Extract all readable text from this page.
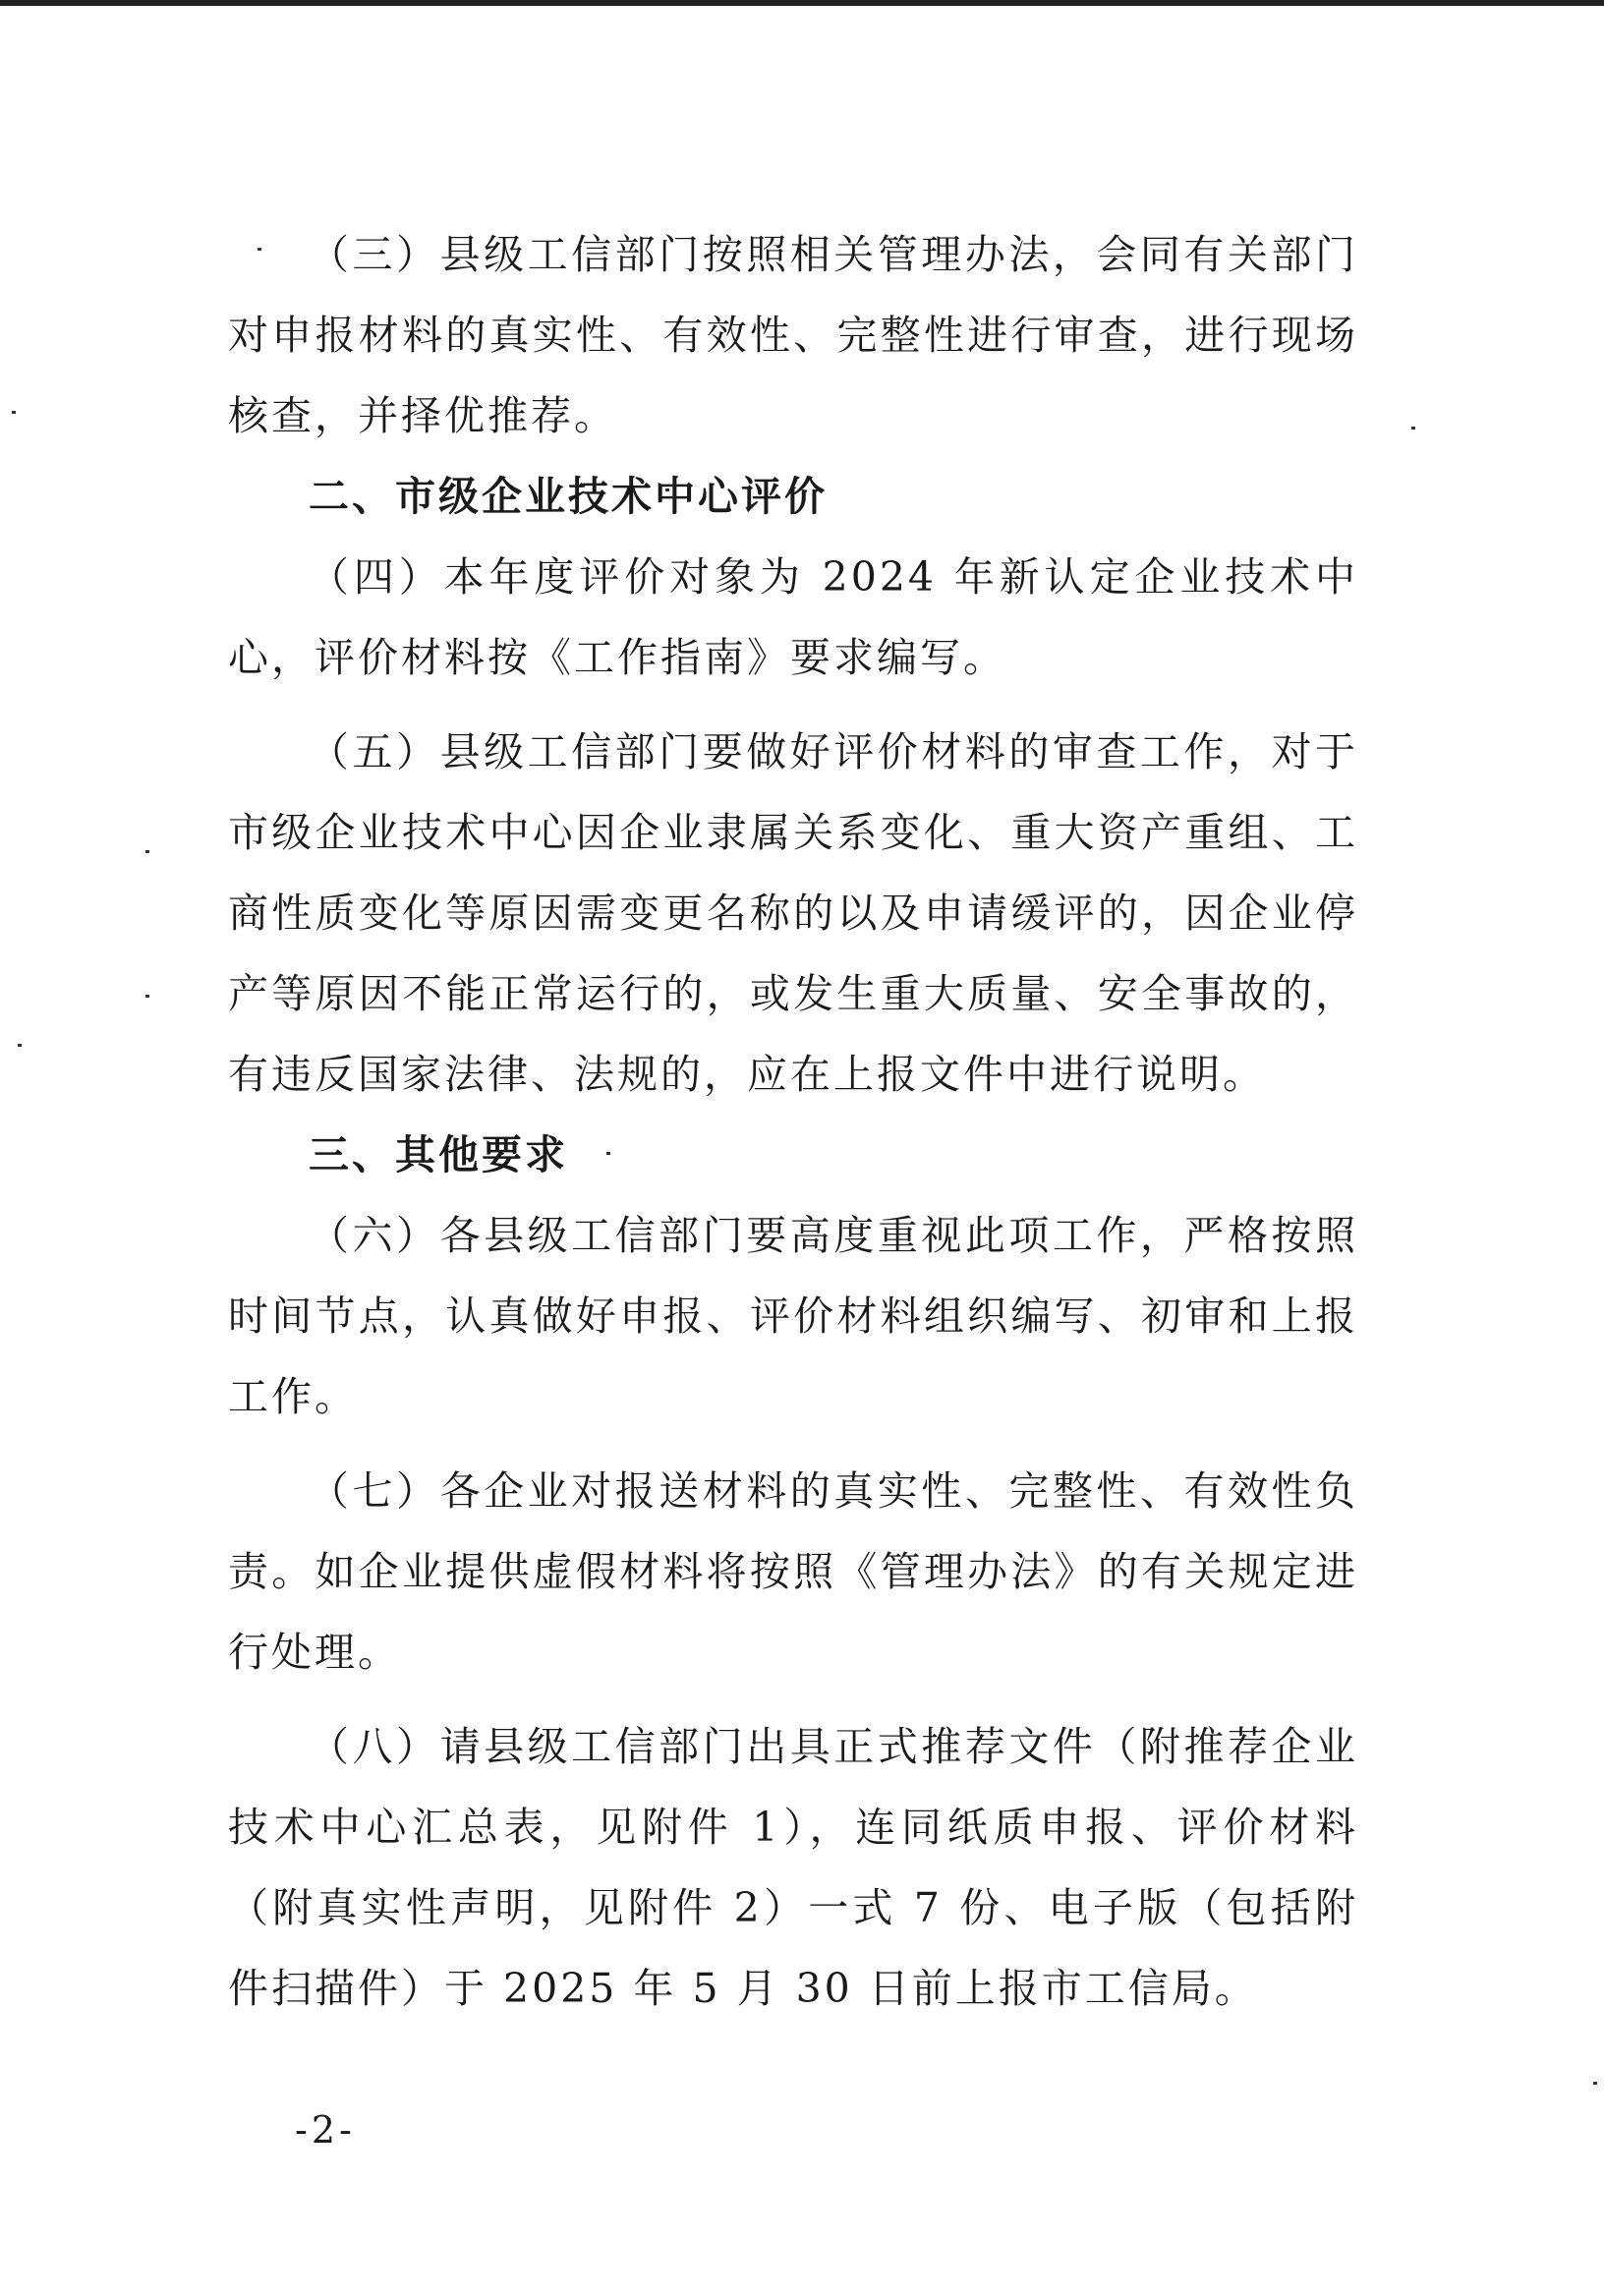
（三）县级工信部门按照相关管理办法，会同有关部门对申报材料的真实性、有效性、完整性进行审查，进行现场核查，并择优推荐。

二、市级企业技术中心评价

（四）本年度评价对象为 2024 年新认定企业技术中心，评价材料按《工作指南》要求编写。

（五）县级工信部门要做好评价材料的审查工作，对于市级企业技术中心因企业隶属关系变化、重大资产重组、工商性质变化等原因需变更名称的以及申请缓评的，因企业停产等原因不能正常运行的，或发生重大质量、安全事故的，有违反国家法律、法规的，应在上报文件中进行说明。

三、其他要求

（六）各县级工信部门要高度重视此项工作，严格按照时间节点，认真做好申报、评价材料组织编写、初审和上报工作。

（七）各企业对报送材料的真实性、完整性、有效性负责。如企业提供虚假材料将按照《管理办法》的有关规定进行处理。

（八）请县级工信部门出具正式推荐文件（附推荐企业技术中心汇总表，见附件 1），连同纸质申报、评价材料（附真实性声明，见附件 2）一式 7 份、电子版（包括附件扫描件）于 2025 年 5 月 30 日前上报市工信局。

-2-
